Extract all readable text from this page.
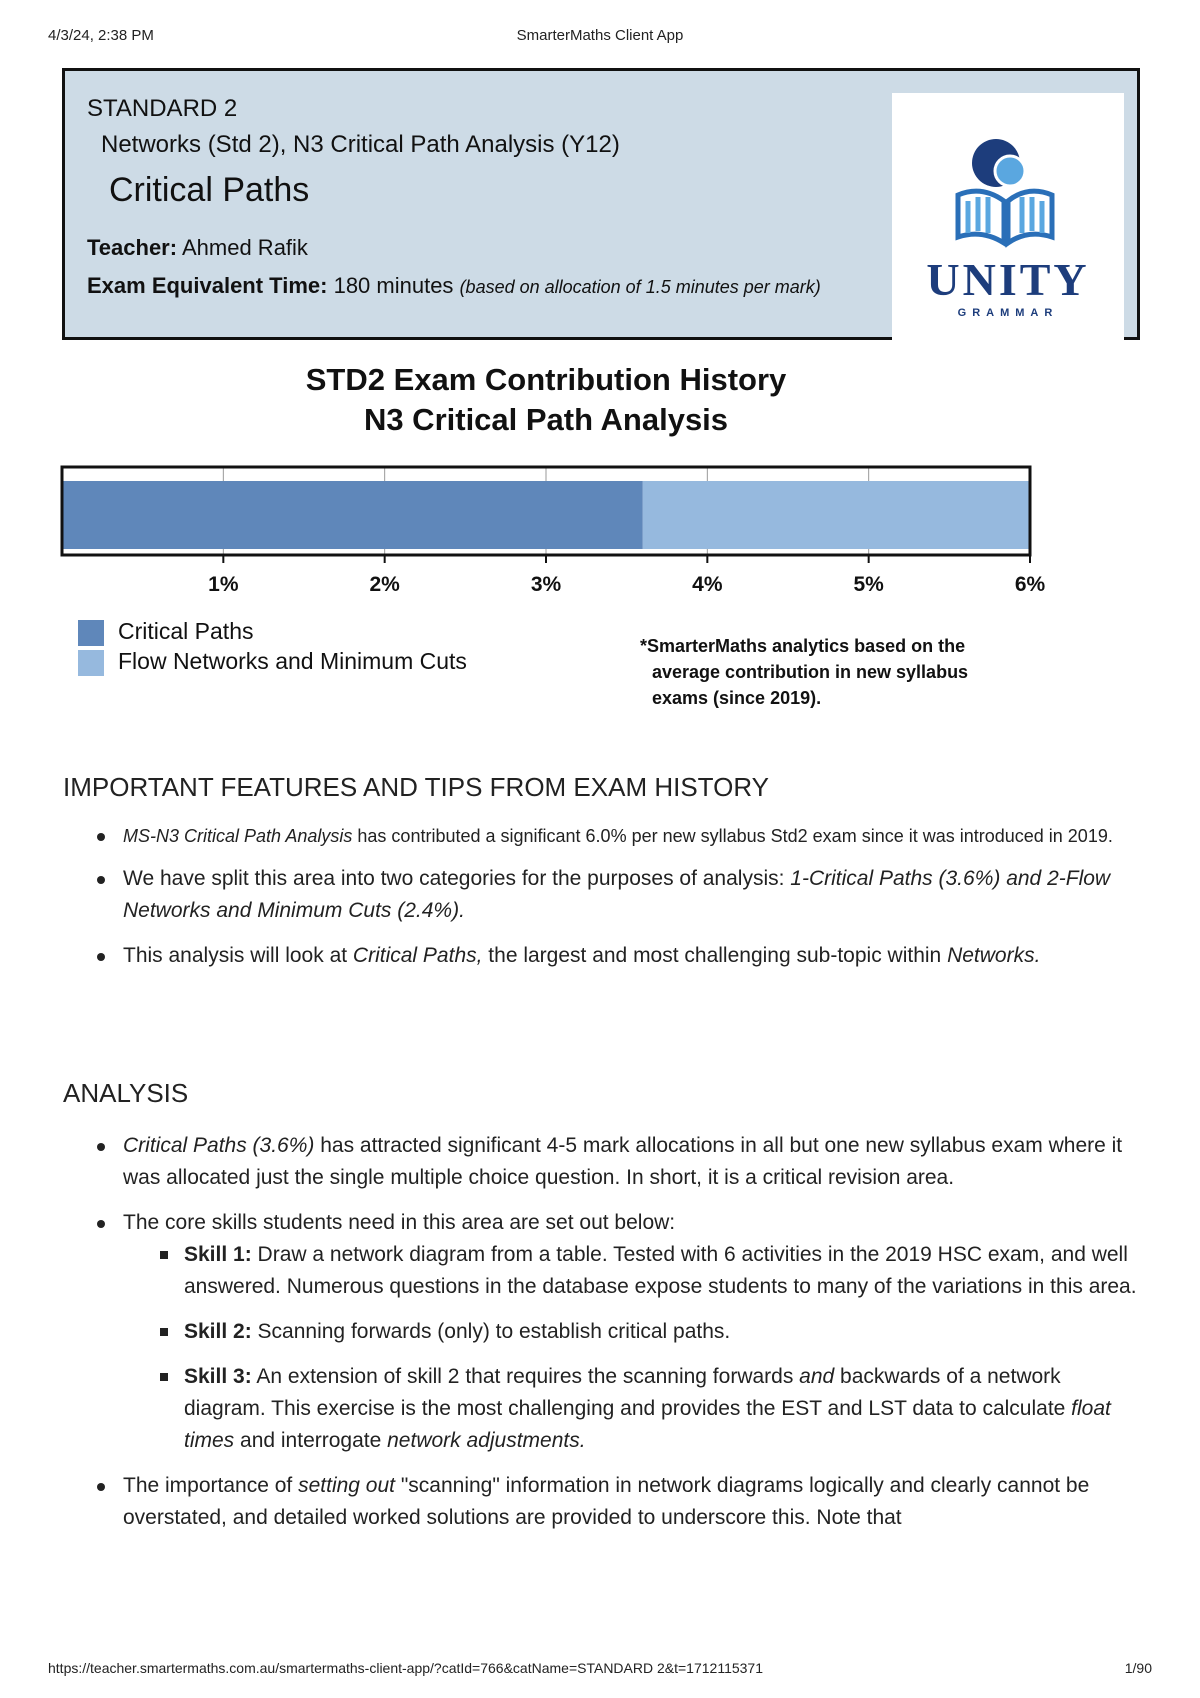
4/3/24, 2:38 PM	SmarterMaths Client App
https://teacher.smartermaths.com.au/smartermaths-client-app/?catId=766&catName=STANDARD 2&t=1712115371	1/90
STANDARD 2
Networks (Std 2), N3 Critical Path Analysis (Y12)
Critical Paths
Teacher: Ahmed Rafik
Exam Equivalent Time: 180 minutes (based on allocation of 1.5 minutes per mark)	UNITY
GRAMMAR
STD2 Exam Contribution History
N3 Critical Path Analysis
1%	2%	3%	4%	5%	6%
Critical Paths
Flow Networks and Minimum Cuts
*SmarterMaths analytics based on the
average contribution in new syllabus
exams (since 2019).
IMPORTANT FEATURES AND TIPS FROM EXAM HISTORY
MS-N3 Critical Path Analysis has contributed a significant 6.0% per new syllabus Std2 exam since it was introduced in 2019.
We have split this area into two categories for the purposes of analysis: 1-Critical Paths (3.6%) and 2-Flow Networks and Minimum Cuts (2.4%).
This analysis will look at Critical Paths, the largest and most challenging sub-topic within Networks.
ANALYSIS
Critical Paths (3.6%) has attracted significant 4-5 mark allocations in all but one new syllabus exam where it was allocated just the single multiple choice question. In short, it is a critical revision area.
The core skills students need in this area are set out below:
Skill 1: Draw a network diagram from a table. Tested with 6 activities in the 2019 HSC exam, and well answered. Numerous questions in the database expose students to many of the variations in this area.
Skill 2: Scanning forwards (only) to establish critical paths.
Skill 3: An extension of skill 2 that requires the scanning forwards and backwards of a network diagram. This exercise is the most challenging and provides the EST and LST data to calculate float times and interrogate network adjustments.
The importance of setting out "scanning" information in network diagrams logically and clearly cannot be overstated, and detailed worked solutions are provided to underscore this. Note that
